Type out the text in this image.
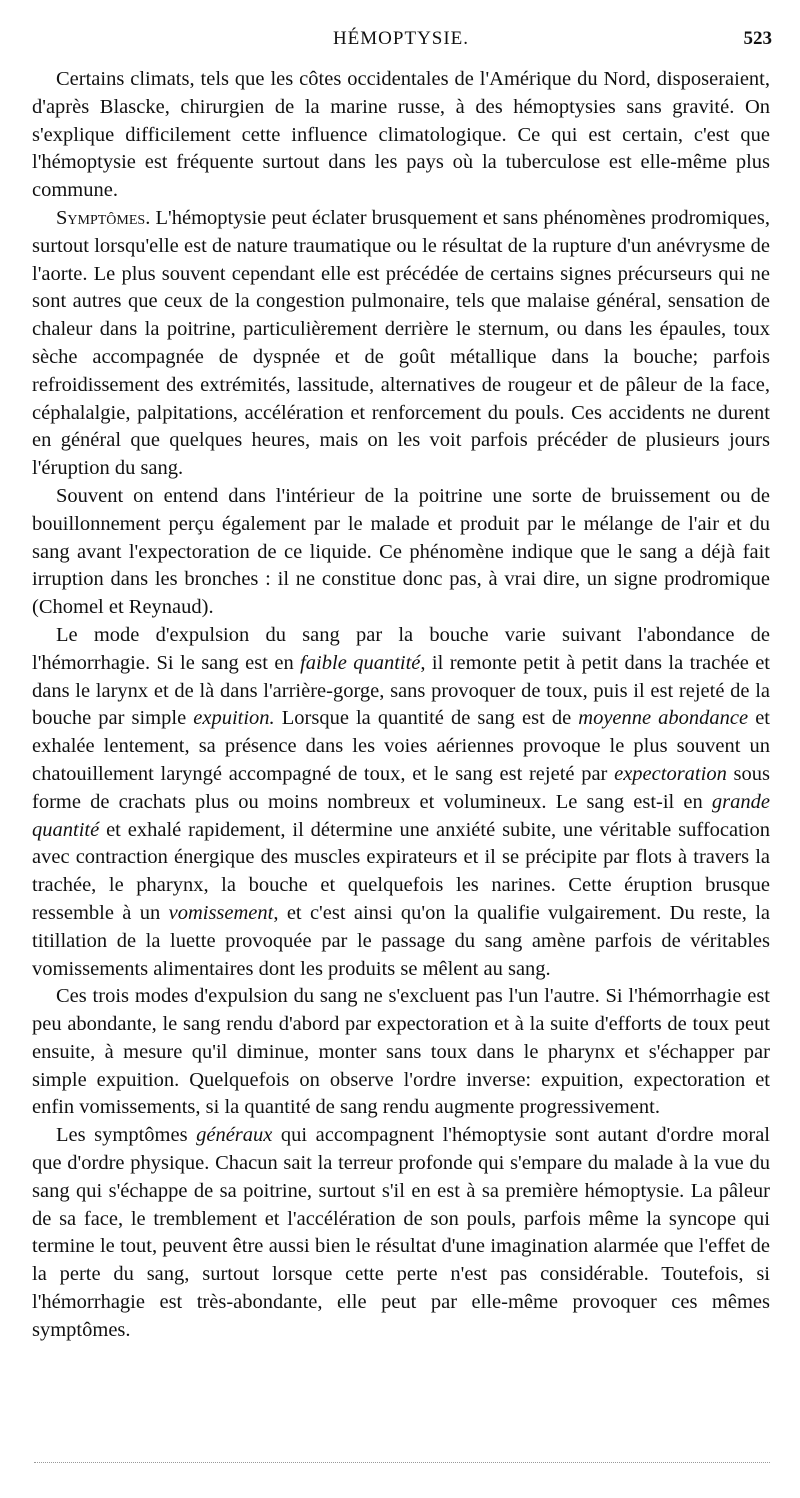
HÉMOPTYSIE.	523

Certains climats, tels que les côtes occidentales de l'Amérique du Nord, disposeraient, d'après Blascke, chirurgien de la marine russe, à des hémoptysies sans gravité. On s'explique difficilement cette influence climatologique. Ce qui est certain, c'est que l'hémoptysie est fréquente surtout dans les pays où la tuberculose est elle-même plus commune.

Symptômes. L'hémoptysie peut éclater brusquement et sans phénomènes prodromiques, surtout lorsqu'elle est de nature traumatique ou le résultat de la rupture d'un anévrysme de l'aorte. Le plus souvent cependant elle est précédée de certains signes précurseurs qui ne sont autres que ceux de la congestion pulmonaire, tels que malaise général, sensation de chaleur dans la poitrine, particulièrement derrière le sternum, ou dans les épaules, toux sèche accompagnée de dyspnée et de goût métallique dans la bouche; parfois refroidissement des extrémités, lassitude, alternatives de rougeur et de pâleur de la face, céphalalgie, palpitations, accélération et renforcement du pouls. Ces accidents ne durent en général que quelques heures, mais on les voit parfois précéder de plusieurs jours l'éruption du sang.

Souvent on entend dans l'intérieur de la poitrine une sorte de bruissement ou de bouillonnement perçu également par le malade et produit par le mélange de l'air et du sang avant l'expectoration de ce liquide. Ce phénomène indique que le sang a déjà fait irruption dans les bronches : il ne constitue donc pas, à vrai dire, un signe prodromique (Chomel et Reynaud).

Le mode d'expulsion du sang par la bouche varie suivant l'abondance de l'hémorrhagie. Si le sang est en faible quantité, il remonte petit à petit dans la trachée et dans le larynx et de là dans l'arrière-gorge, sans provoquer de toux, puis il est rejeté de la bouche par simple expuition. Lorsque la quantité de sang est de moyenne abondance et exhalée lentement, sa présence dans les voies aériennes provoque le plus souvent un chatouillement laryngé accompagné de toux, et le sang est rejeté par expectoration sous forme de crachats plus ou moins nombreux et volumineux. Le sang est-il en grande quantité et exhalé rapidement, il détermine une anxiété subite, une véritable suffocation avec contraction énergique des muscles expirateurs et il se précipite par flots à travers la trachée, le pharynx, la bouche et quelquefois les narines. Cette éruption brusque ressemble à un vomissement, et c'est ainsi qu'on la qualifie vulgairement. Du reste, la titillation de la luette provoquée par le passage du sang amène parfois de véritables vomissements alimentaires dont les produits se mêlent au sang.

Ces trois modes d'expulsion du sang ne s'excluent pas l'un l'autre. Si l'hémorrhagie est peu abondante, le sang rendu d'abord par expectoration et à la suite d'efforts de toux peut ensuite, à mesure qu'il diminue, monter sans toux dans le pharynx et s'échapper par simple expuition. Quelquefois on observe l'ordre inverse: expuition, expectoration et enfin vomissements, si la quantité de sang rendu augmente progressivement.

Les symptômes généraux qui accompagnent l'hémoptysie sont autant d'ordre moral que d'ordre physique. Chacun sait la terreur profonde qui s'empare du malade à la vue du sang qui s'échappe de sa poitrine, surtout s'il en est à sa première hémoptysie. La pâleur de sa face, le tremblement et l'accélération de son pouls, parfois même la syncope qui termine le tout, peuvent être aussi bien le résultat d'une imagination alarmée que l'effet de la perte du sang, surtout lorsque cette perte n'est pas considérable. Toutefois, si l'hémorrhagie est très-abondante, elle peut par elle-même provoquer ces mêmes symptômes.
